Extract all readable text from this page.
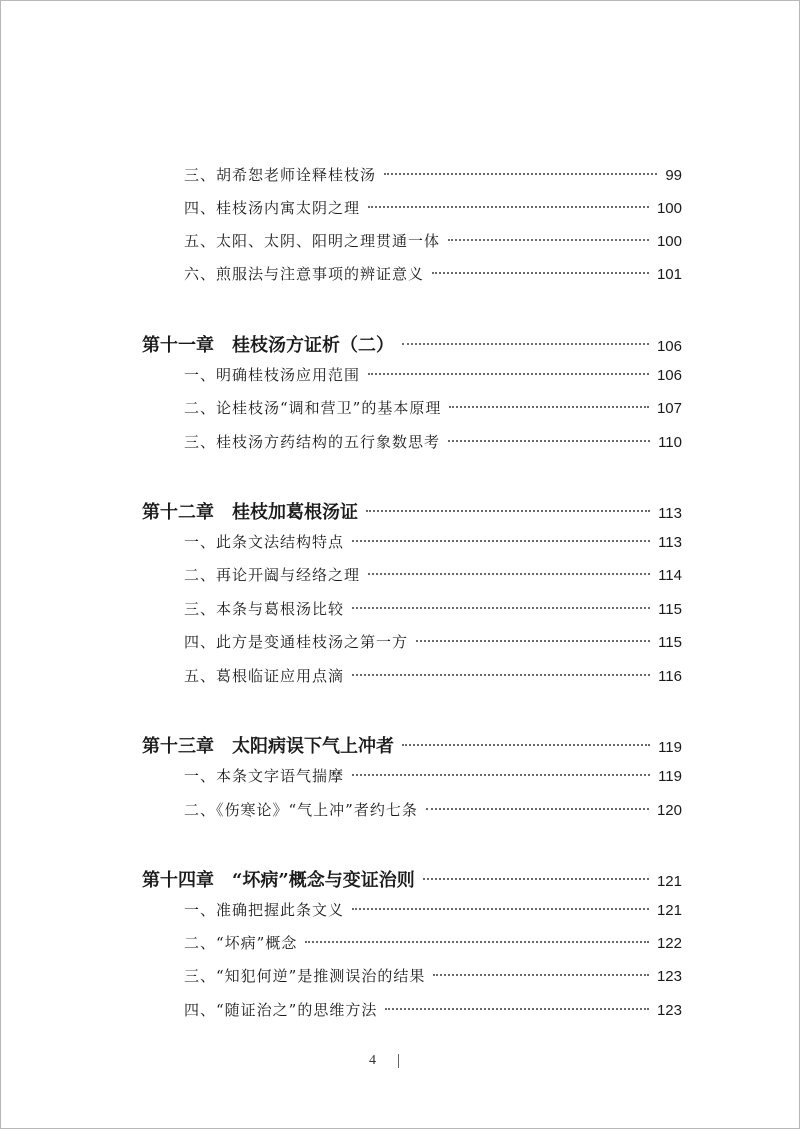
三、胡希恕老师诠释桂枝汤	99
四、桂枝汤内寓太阴之理	100
五、太阳、太阴、阳明之理贯通一体	100
六、煎服法与注意事项的辨证意义	101
第十一章 桂枝汤方证析（二）	106
一、明确桂枝汤应用范围	106
二、论桂枝汤“调和营卫”的基本原理	107
三、桂枝汤方药结构的五行象数思考	110
第十二章 桂枝加葛根汤证	113
一、此条文法结构特点	113
二、再论开阖与经络之理	114
三、本条与葛根汤比较	115
四、此方是变通桂枝汤之第一方	115
五、葛根临证应用点滴	116
第十三章 太阳病误下气上冲者	119
一、本条文字语气揣摩	119
二、《伤寒论》“气上冲”者约七条	120
第十四章 “坏病”概念与变证治则	121
一、准确把握此条文义	121
二、“坏病”概念	122
三、“知犯何逆”是推测误治的结果	123
四、“随证治之”的思维方法	123
4
